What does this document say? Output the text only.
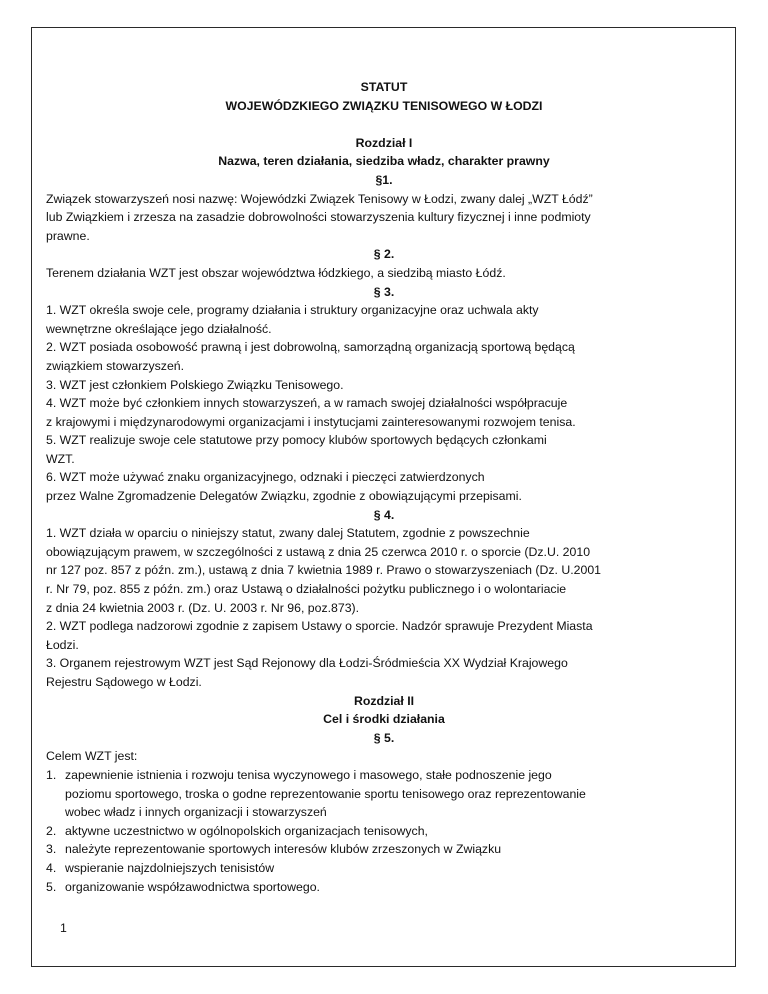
STATUT
WOJEWÓDZKIEGO ZWIĄZKU TENISOWEGO W ŁODZI
Rozdział I
Nazwa, teren działania, siedziba władz, charakter prawny
§1.
Związek stowarzyszeń nosi nazwę: Wojewódzki Związek Tenisowy w Łodzi, zwany dalej „WZT Łódź”
lub Związkiem i zrzesza na zasadzie dobrowolności stowarzyszenia kultury fizycznej i inne podmioty
prawne.
§ 2.
Terenem działania WZT jest obszar województwa łódzkiego, a siedzibą miasto Łódź.
§ 3.
1. WZT określa swoje cele, programy działania i struktury organizacyjne oraz uchwala akty
wewnętrzne określające jego działalność.
2. WZT posiada osobowość prawną i jest dobrowolną, samorządną organizacją sportową będącą
związkiem stowarzyszeń.
3. WZT jest członkiem Polskiego Związku Tenisowego.
4. WZT może być członkiem innych stowarzyszeń, a w ramach swojej działalności współpracuje
z krajowymi i międzynarodowymi organizacjami i instytucjami zainteresowanymi rozwojem tenisa.
5. WZT realizuje swoje cele statutowe przy pomocy klubów sportowych będących członkami
WZT.
6. WZT może używać znaku organizacyjnego, odznaki i pieczęci zatwierdzonych
przez Walne Zgromadzenie Delegatów Związku, zgodnie z obowiązującymi przepisami.
§ 4.
1. WZT działa w oparciu o niniejszy statut, zwany dalej Statutem, zgodnie z powszechnie
obowiązującym prawem, w szczególności z ustawą z dnia 25 czerwca 2010 r. o sporcie (Dz.U. 2010
nr 127 poz. 857 z późn. zm.), ustawą z dnia 7 kwietnia 1989 r. Prawo o stowarzyszeniach (Dz. U.2001
r. Nr 79, poz. 855 z późn. zm.) oraz Ustawą o działalności pożytku publicznego i o wolontariacie
z dnia 24 kwietnia 2003 r. (Dz. U. 2003 r. Nr 96, poz.873).
2. WZT podlega nadzorowi zgodnie z zapisem Ustawy o sporcie. Nadzór sprawuje Prezydent Miasta
Łodzi.
3. Organem rejestrowym WZT jest Sąd Rejonowy dla Łodzi-Śródmieścia XX Wydział Krajowego
Rejestru Sądowego w Łodzi.
Rozdział II
Cel i środki działania
§ 5.
Celem WZT jest:
1. zapewnienie istnienia i rozwoju tenisa wyczynowego i masowego, stałe podnoszenie jego
poziomu sportowego, troska o godne reprezentowanie sportu tenisowego oraz reprezentowanie
wobec władz i innych organizacji i stowarzyszeń
2. aktywne uczestnictwo w ogólnopolskich organizacjach tenisowych,
3. należyte reprezentowanie sportowych interesów klubów zrzeszonych w Związku
4. wspieranie najzdolniejszych tenisistów
5. organizowanie współzawodnictwa sportowego.
1
